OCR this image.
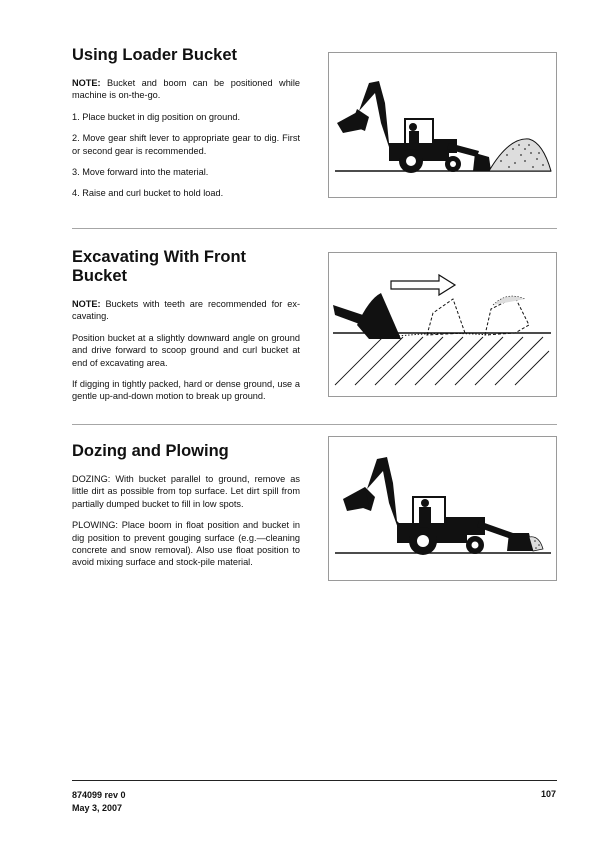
Using Loader Bucket

NOTE: Bucket and boom can be positioned while machine is on-the-go.

1. Place bucket in dig position on ground.

2. Move gear shift lever to appropriate gear to dig. First or second gear is recommended.

3. Move forward into the material.

4. Raise and curl bucket to hold load.

Excavating With Front Bucket

NOTE: Buckets with teeth are recommended for ex-cavating.

Position bucket at a slightly downward angle on ground and drive forward to scoop ground and curl bucket at end of excavating area.

If digging in tightly packed, hard or dense ground, use a gentle up-and-down motion to break up ground.

Dozing and Plowing

DOZING: With bucket parallel to ground, remove as little dirt as possible from top surface. Let dirt spill from partially dumped bucket to fill in low spots.

PLOWING: Place boom in float position and bucket in dig position to prevent gouging surface (e.g.—cleaning concrete and snow removal). Also use float position to avoid mixing surface and stock-pile material.

874099 rev 0
May 3, 2007
107
